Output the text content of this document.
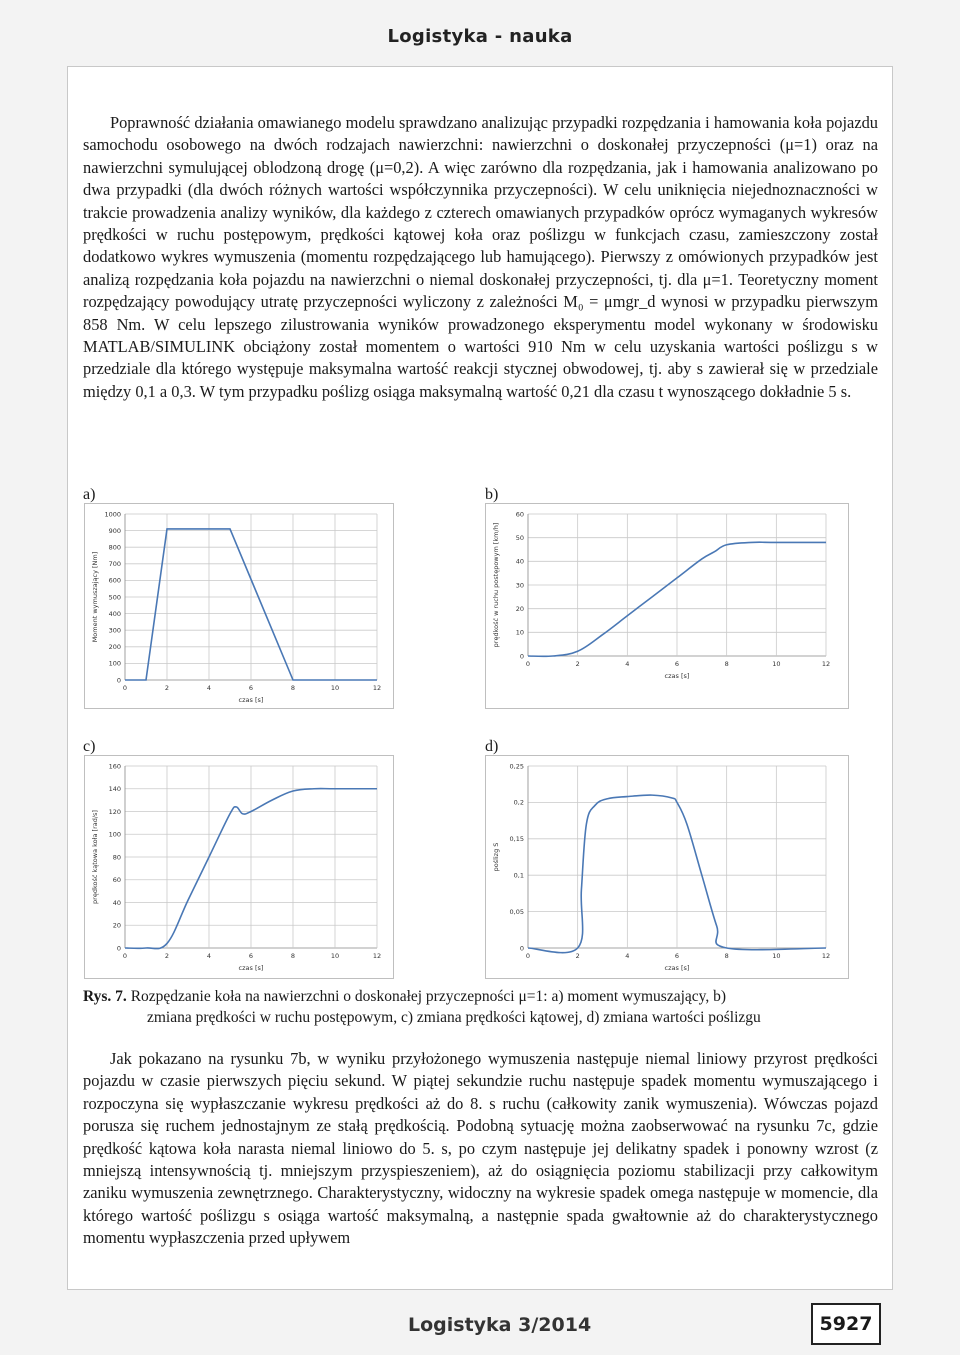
Logistyka - nauka

Poprawność działania omawianego modelu sprawdzano analizując przypadki rozpędzania i hamowania koła pojazdu samochodu osobowego na dwóch rodzajach nawierzchni: nawierzchni o doskonałej przyczepności (μ=1) oraz na nawierzchni symulującej oblodzoną drogę (μ=0,2). A więc zarówno dla rozpędzania, jak i hamowania analizowano po dwa przypadki (dla dwóch różnych wartości współczynnika przyczepności). W celu uniknięcia niejednoznaczności w trakcie prowadzenia analizy wyników, dla każdego z czterech omawianych przypadków oprócz wymaganych wykresów prędkości w ruchu postępowym, prędkości kątowej koła oraz poślizgu w funkcjach czasu, zamieszczony został dodatkowo wykres wymuszenia (momentu rozpędzającego lub hamującego). Pierwszy z omówionych przypadków jest analizą rozpędzania koła pojazdu na nawierzchni o niemal doskonałej przyczepności, tj. dla μ=1. Teoretyczny moment rozpędzający powodujący utratę przyczepności wyliczony z zależności M₀ = μmgr_d wynosi w przypadku pierwszym 858 Nm. W celu lepszego zilustrowania wyników prowadzonego eksperymentu model wykonany w środowisku MATLAB/SIMULINK obciążony został momentem o wartości 910 Nm w celu uzyskania wartości poślizgu s w przedziale dla którego występuje maksymalna wartość reakcji stycznej obwodowej, tj. aby s zawierał się w przedziale między 0,1 a 0,3. W tym przypadku poślizg osiąga maksymalną wartość 0,21 dla czasu t wynoszącego dokładnie 5 s.

a)	b)
c)	d)
0
100
200
300
400
500
600
700
800
900
1000
0	2	4	6	8	10	12
czas [s]
Moment wymuszający [Nm]
0
10
20
30
40
50
60
0	2	4	6	8	10	12
czas [s]
prędkość w ruchu postępowym [km/h]
0
20
40
60
80
100
120
140
160
0	2	4	6	8	10	12
czas [s]
prędkość kątowa koła [rad/s]
0
0,05
0,1
0,15
0,2
0,25
0	2	4	6	8	10	12
czas [s]
poślizg S
Rys. 7. Rozpędzanie koła na nawierzchni o doskonałej przyczepności μ=1: a) moment wymuszający, b)
zmiana prędkości w ruchu postępowym, c) zmiana prędkości kątowej, d) zmiana wartości poślizgu

Jak pokazano na rysunku 7b, w wyniku przyłożonego wymuszenia następuje niemal liniowy przyrost prędkości pojazdu w czasie pierwszych pięciu sekund. W piątej sekundzie ruchu następuje spadek momentu wymuszającego i rozpoczyna się wypłaszczanie wykresu prędkości aż do 8. s ruchu (całkowity zanik wymuszenia). Wówczas pojazd porusza się ruchem jednostajnym ze stałą prędkością. Podobną sytuację można zaobserwować na rysunku 7c, gdzie prędkość kątowa koła narasta niemal liniowo do 5. s, po czym następuje jej delikatny spadek i ponowny wzrost (z mniejszą intensywnością tj. mniejszym przyspieszeniem), aż do osiągnięcia poziomu stabilizacji przy całkowitym zaniku wymuszenia zewnętrznego. Charakterystyczny, widoczny na wykresie spadek omega następuje w momencie, dla którego wartość poślizgu s osiąga wartość maksymalną, a następnie spada gwałtownie aż do charakterystycznego momentu wypłaszczenia przed upływem

Logistyka 3/2014	5927
